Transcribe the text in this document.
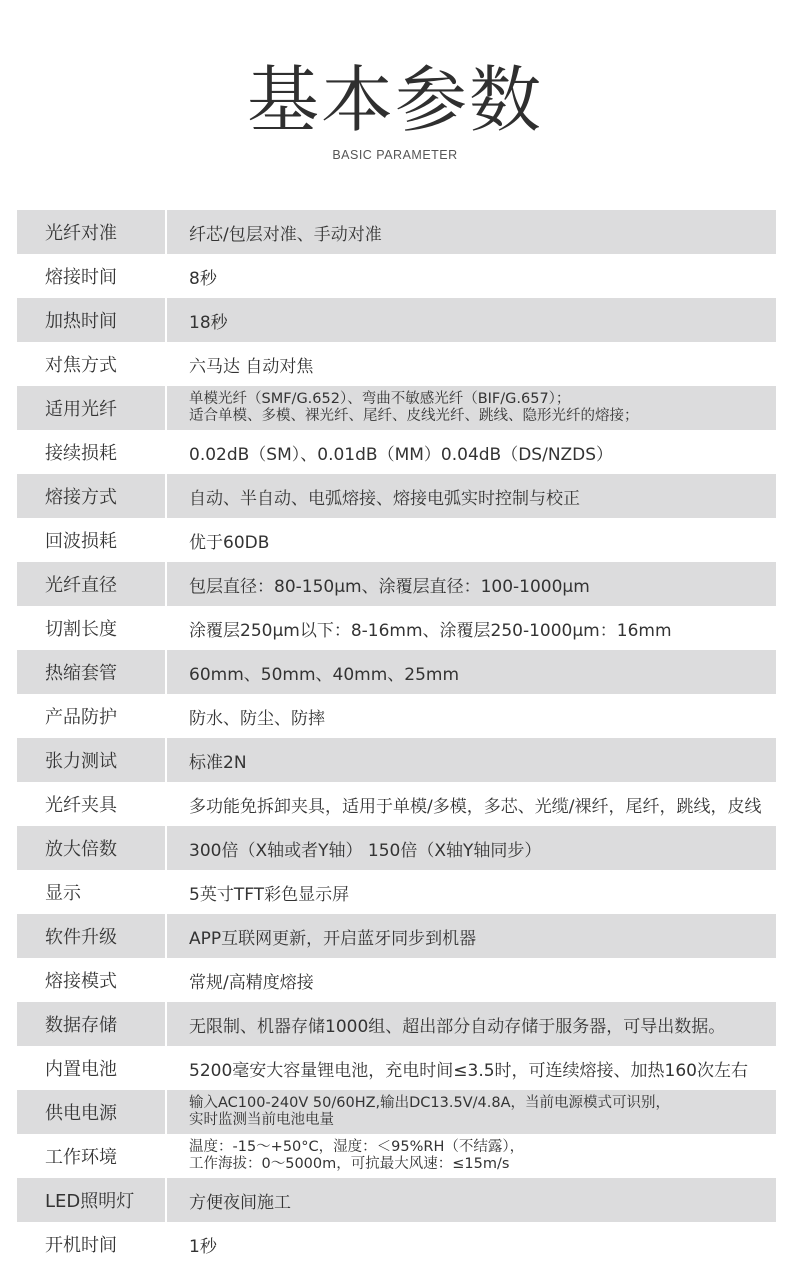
基本参数
BASIC PARAMETER
光纤对准	纤芯/包层对准、手动对准
熔接时间	8秒
加热时间	18秒
对焦方式	六马达 自动对焦
适用光纤	单模光纤（SMF/G.652）、弯曲不敏感光纤（BIF/G.657）；
适合单模、多模、裸光纤、尾纤、皮线光纤、跳线、隐形光纤的熔接；
接续损耗	0.02dB（SM）、0.01dB（MM）0.04dB（DS/NZDS）
熔接方式	自动、半自动、电弧熔接、熔接电弧实时控制与校正
回波损耗	优于60DB
光纤直径	包层直径：80-150μm、涂覆层直径：100-1000μm
切割长度	涂覆层250μm以下：8-16mm、涂覆层250-1000μm：16mm
热缩套管	60mm、50mm、40mm、25mm
产品防护	防水、防尘、防摔
张力测试	标准2N
光纤夹具	多功能免拆卸夹具，适用于单模/多模，多芯、光缆/裸纤，尾纤，跳线，皮线
放大倍数	300倍（X轴或者Y轴） 150倍（X轴Y轴同步）
显示	5英寸TFT彩色显示屏
软件升级	APP互联网更新，开启蓝牙同步到机器
熔接模式	常规/高精度熔接
数据存储	无限制、机器存储1000组、超出部分自动存储于服务器，可导出数据。
内置电池	5200毫安大容量锂电池，充电时间≤3.5时，可连续熔接、加热160次左右
供电电源	输入AC100-240V 50/60HZ,输出DC13.5V/4.8A，当前电源模式可识别，
实时监测当前电池电量
工作环境	温度：-15～+50°C，湿度：＜95%RH（不结露），
工作海拔：0～5000m，可抗最大风速：≤15m/s
LED照明灯	方便夜间施工
开机时间	1秒
